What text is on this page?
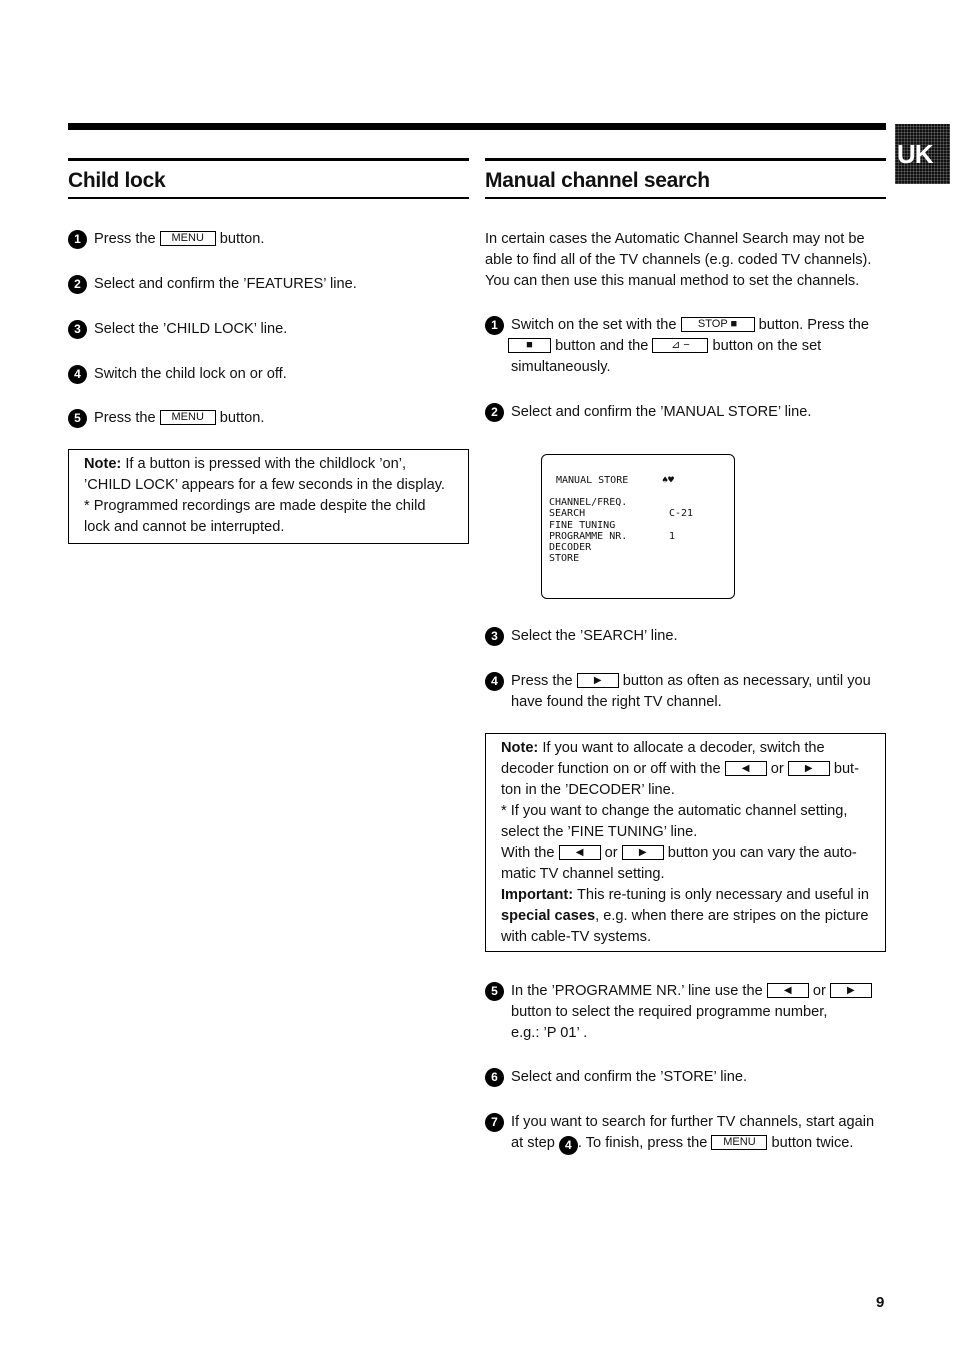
UK
Child lock
1 Press the MENU button.
2 Select and confirm the ’FEATURES’ line.
3 Select the ’CHILD LOCK’ line.
4 Switch the child lock on or off.
5 Press the MENU button.
Note: If a button is pressed with the childlock ’on’,
’CHILD LOCK’ appears for a few seconds in the display.
* Programmed recordings are made despite the child
lock and cannot be interrupted.
Manual channel search
In certain cases the Automatic Channel Search may not be
able to find all of the TV channels (e.g. coded TV channels).
You can then use this manual method to set the channels.
1 Switch on the set with the STOP ■ button. Press the
■ button and the ⊿ − button on the set
simultaneously.
2 Select and confirm the ’MANUAL STORE’ line.
MANUAL STORE	♠♥
CHANNEL/FREQ.
SEARCH	C-21
FINE TUNING
PROGRAMME NR.	1
DECODER
STORE
3 Select the ’SEARCH’ line.
4 Press the ▶ button as often as necessary, until you
have found the right TV channel.
Note: If you want to allocate a decoder, switch the
decoder function on or off with the ◀ or ▶ but-
ton in the ’DECODER’ line.
* If you want to change the automatic channel setting,
select the ’FINE TUNING’ line.
With the ◀ or ▶ button you can vary the auto-
matic TV channel setting.
Important: This re-tuning is only necessary and useful in
special cases, e.g. when there are stripes on the picture
with cable-TV systems.
5 In the ’PROGRAMME NR.’ line use the ◀ or ▶
button to select the required programme number,
e.g.: ’P 01’ .
6 Select and confirm the ’STORE’ line.
7 If you want to search for further TV channels, start again
at step 4 . To finish, press the MENU button twice.
9
